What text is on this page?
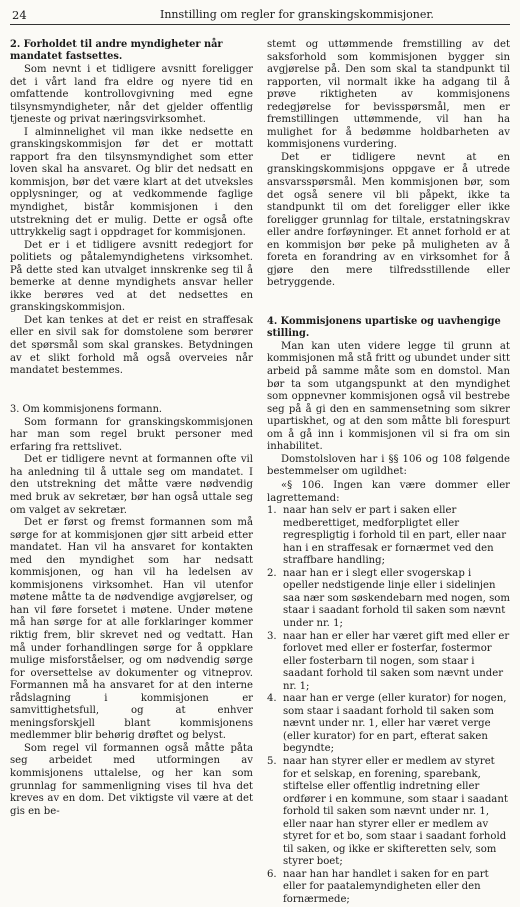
24	Innstilling om regler for granskingskommisjoner.
2. Forholdet til andre myndigheter når mandatet fastsettes.

Som nevnt i et tidligere avsnitt foreligger det i vårt land fra eldre og nyere tid en omfattende kontrollovgivning med egne tilsynsmyndigheter, når det gjelder offentlig tjeneste og privat næringsvirksomhet.

I alminnelighet vil man ikke nedsette en granskingskommisjon før det er mottatt rapport fra den tilsynsmyndighet som etter loven skal ha ansvaret. Og blir det nedsatt en kommisjon, bør det være klart at det utveksles opplysninger, og at vedkommende faglige myndighet, bistår kommisjonen i den utstrekning det er mulig. Dette er også ofte uttrykkelig sagt i oppdraget for kommisjonen.

Det er i et tidligere avsnitt redegjort for politiets og påtalemyndighetens virksomhet. På dette sted kan utvalget innskrenke seg til å bemerke at denne myndighets ansvar heller ikke berøres ved at det nedsettes en granskingskommisjon.

Det kan tenkes at det er reist en straffesak eller en sivil sak for domstolene som berører det spørsmål som skal granskes. Betydningen av et slikt forhold må også overveies når mandatet bestemmes.

3. Om kommisjonens formann.

Som formann for granskingskommisjonen har man som regel brukt personer med erfaring fra rettslivet.

Det er tidligere nevnt at formannen ofte vil ha anledning til å uttale seg om mandatet. I den utstrekning det måtte være nødvendig med bruk av sekretær, bør han også uttale seg om valget av sekretær.

Det er først og fremst formannen som må sørge for at kommisjonen gjør sitt arbeid etter mandatet. Han vil ha ansvaret for kontakten med den myndighet som har nedsatt kommisjonen, og han vil ha ledelsen av kommisjonens virksomhet. Han vil utenfor møtene måtte ta de nødvendige avgjørelser, og han vil føre forsetet i møtene. Under møtene må han sørge for at alle forklaringer kommer riktig frem, blir skrevet ned og vedtatt. Han må under forhandlingen sørge for å oppklare mulige misforståelser, og om nødvendig sørge for oversettelse av dokumenter og vitneprov. Formannen må ha ansvaret for at den interne rådslagning i kommisjonen er samvittighetsfull, og at enhver meningsforskjell blant kommisjonens medlemmer blir behørig drøftet og belyst.

Som regel vil formannen også måtte påta seg arbeidet med utformingen av kommisjonens uttalelse, og her kan som grunnlag for sammenligning vises til hva det kreves av en dom. Det viktigste vil være at det gis en be-

stemt og uttømmende fremstilling av det saksforhold som kommisjonen bygger sin avgjørelse på. Den som skal ta standpunkt til rapporten, vil normalt ikke ha adgang til å prøve riktigheten av kommisjonens redegjørelse for bevisspørsmål, men er fremstillingen uttømmende, vil han ha mulighet for å bedømme holdbarheten av kommisjonens vurdering.

Det er tidligere nevnt at en granskingskommisjons oppgave er å utrede ansvarsspørsmål. Men kommisjonen bør, som det også senere vil bli påpekt, ikke ta standpunkt til om det foreligger eller ikke foreligger grunnlag for tiltale, erstatningskrav eller andre forføyninger. Et annet forhold er at en kommisjon bør peke på muligheten av å foreta en forandring av en virksomhet for å gjøre den mere tilfredsstillende eller betryggende.

4. Kommisjonens upartiske og uavhengige stilling.

Man kan uten videre legge til grunn at kommisjonen må stå fritt og ubundet under sitt arbeid på samme måte som en domstol. Man bør ta som utgangspunkt at den myndighet som oppnevner kommisjonen også vil bestrebe seg på å gi den en sammensetning som sikrer upartiskhet, og at den som måtte bli forespurt om å gå inn i kommisjonen vil si fra om sin inhabilitet.

Domstolsloven har i §§ 106 og 108 følgende bestemmelser om ugildhet:

«§ 106. Ingen kan være dommer eller lagrettemand:

1. naar han selv er part i saken eller medberettiget, medforpligtet eller regrespligtig i forhold til en part, eller naar han i en straffesak er fornærmet ved den straffbare handling;
2. naar han er i slegt eller svogerskap i opeller nedstigende linje eller i sidelinjen saa nær som søskendebarn med nogen, som staar i saadant forhold til saken som nævnt under nr. 1;
3. naar han er eller har været gift med eller er forlovet med eller er fosterfar, fostermor eller fosterbarn til nogen, som staar i saadant forhold til saken som nævnt under nr. 1;
4. naar han er verge (eller kurator) for nogen, som staar i saadant forhold til saken som nævnt under nr. 1, eller har været verge (eller kurator) for en part, efterat saken begyndte;
5. naar han styrer eller er medlem av styret for et selskap, en forening, sparebank, stiftelse eller offentlig indretning eller ordfører i en kommune, som staar i saadant forhold til saken som nævnt under nr. 1, eller naar han styrer eller er medlem av styret for et bo, som staar i saadant forhold til saken, og ikke er skifteretten selv, som styrer boet;
6. naar han har handlet i saken for en part eller for paatalemyndigheten eller den fornærmede;
